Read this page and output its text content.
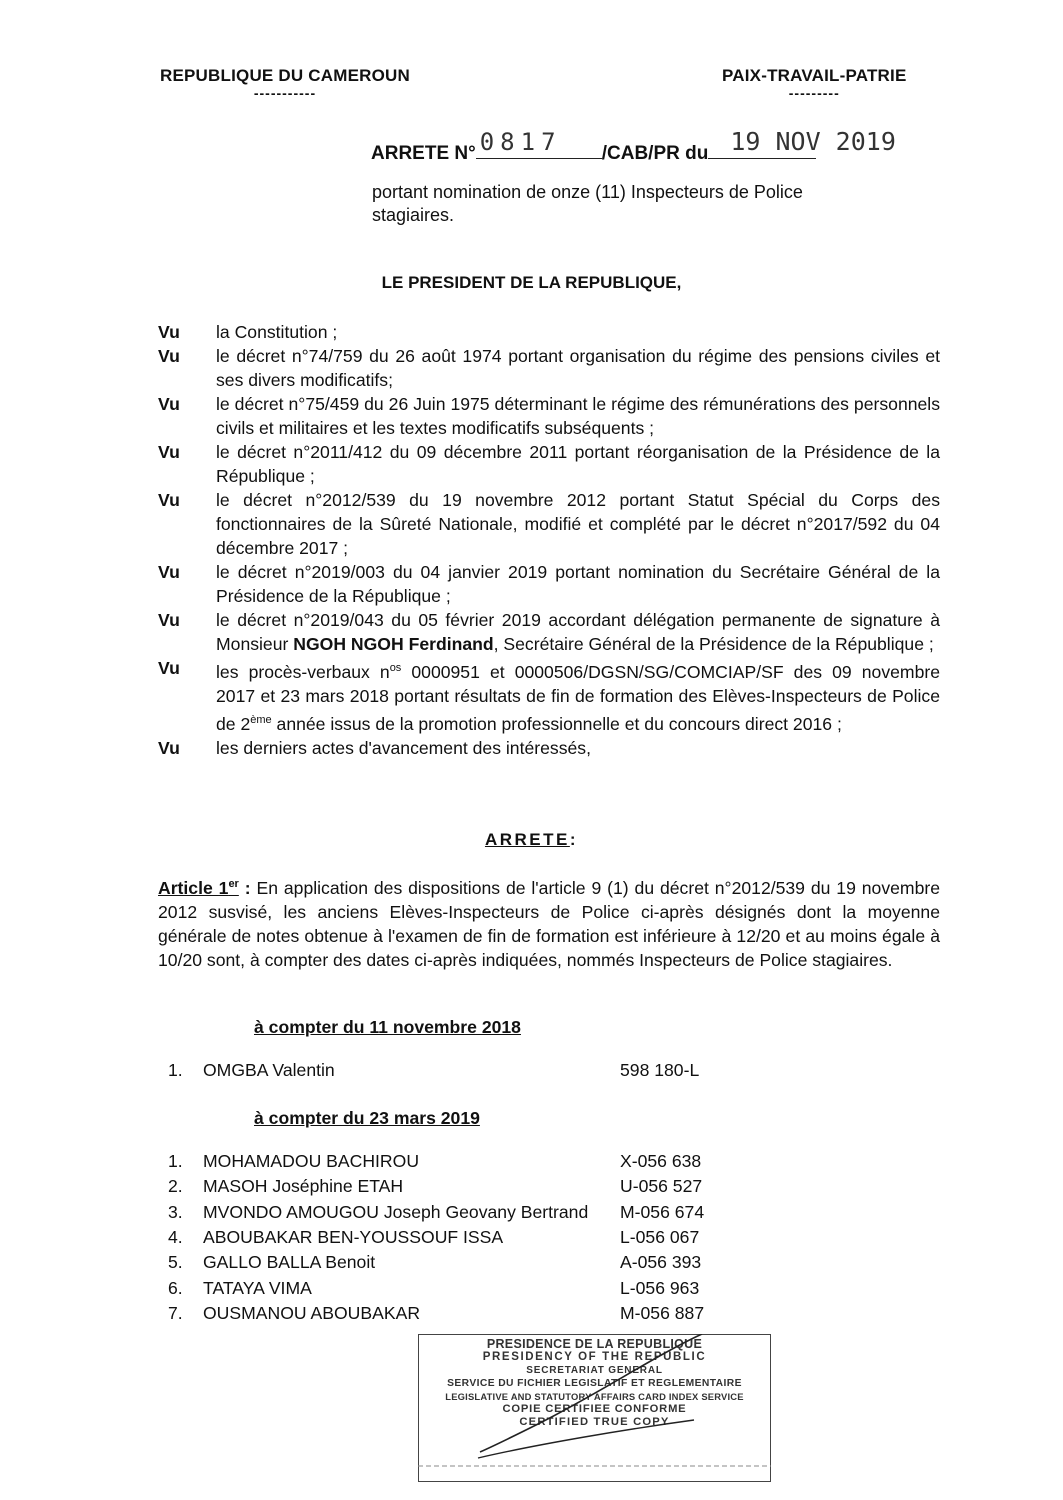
REPUBLIQUE DU CAMEROUN
-----------
PAIX-TRAVAIL-PATRIE
---------
ARRETE N° 0817 /CAB/PR du 19 NOV 2019
portant nomination de onze (11) Inspecteurs de Police stagiaires.
LE PRESIDENT DE LA REPUBLIQUE,
Vu	la Constitution ;
Vu	le décret n°74/759 du 26 août 1974 portant organisation du régime des pensions civiles et ses divers modificatifs;
Vu	le décret n°75/459 du 26 Juin 1975 déterminant le régime des rémunérations des personnels civils et militaires et les textes modificatifs subséquents ;
Vu	le décret n°2011/412 du 09 décembre 2011 portant réorganisation de la Présidence de la République ;
Vu	le décret n°2012/539 du 19 novembre 2012 portant Statut Spécial du Corps des fonctionnaires de la Sûreté Nationale, modifié et complété par le décret n°2017/592 du 04 décembre 2017 ;
Vu	le décret n°2019/003 du 04 janvier 2019 portant nomination du Secrétaire Général de la Présidence de la République ;
Vu	le décret n°2019/043 du 05 février 2019 accordant délégation permanente de signature à Monsieur NGOH NGOH Ferdinand, Secrétaire Général de la Présidence de la République ;
Vu	les procès-verbaux $n^{os}$ 0000951 et 0000506/DGSN/SG/COMCIAP/SF des 09 novembre 2017 et 23 mars 2018 portant résultats de fin de formation des Elèves-Inspecteurs de Police de 2ème année issus de la promotion professionnelle et du concours direct 2016 ;
Vu	les derniers actes d'avancement des intéressés,
ARRETE:
Article 1er : En application des dispositions de l'article 9 (1) du décret n°2012/539 du 19 novembre 2012 susvisé, les anciens Elèves-Inspecteurs de Police ci-après désignés dont la moyenne générale de notes obtenue à l'examen de fin de formation est inférieure à 12/20 et au moins égale à 10/20 sont, à compter des dates ci-après indiquées, nommés Inspecteurs de Police stagiaires.
à compter du 11 novembre 2018
1.	OMGBA Valentin	598 180-L
à compter du 23 mars 2019
1.	MOHAMADOU BACHIROU	X-056 638
2.	MASOH Joséphine ETAH	U-056 527
3.	MVONDO AMOUGOU Joseph Geovany Bertrand	M-056 674
4.	ABOUBAKAR BEN-YOUSSOUF ISSA	L-056 067
5.	GALLO BALLA Benoit	A-056 393
6.	TATAYA VIMA	L-056 963
7.	OUSMANOU ABOUBAKAR	M-056 887
PRESIDENCE DE LA REPUBLIQUE
PRESIDENCY OF THE REPUBLIC
SECRETARIAT GENERAL
SERVICE DU FICHIER LEGISLATIF ET REGLEMENTAIRE
LEGISLATIVE AND STATUTORY AFFAIRS CARD INDEX SERVICE
COPIE CERTIFIEE CONFORME
CERTIFIED TRUE COPY
